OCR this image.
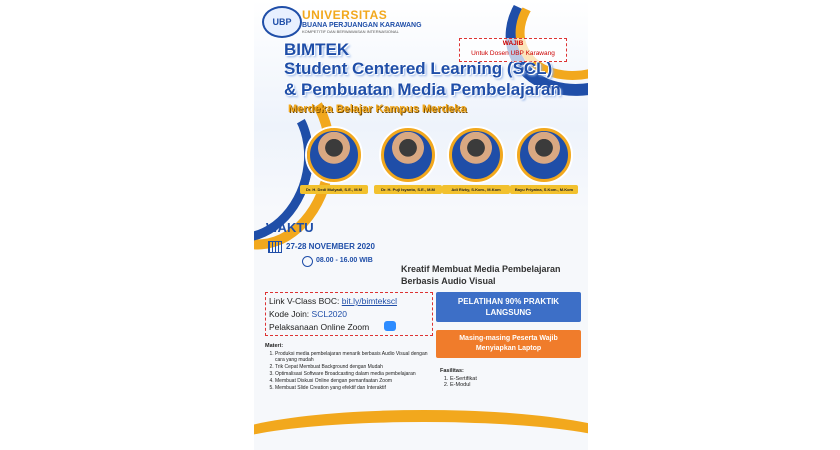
UBP UNIVERSITAS
BUANA PERJUANGAN KARAWANG
KOMPETITIF DAN BERWAWASAN INTERNASIONAL
WAJIB
Untuk Dosen UBP Karawang
BIMTEK
Student Centered Learning (SCL)
& Pembuatan Media Pembelajaran
Merdeka Belajar Kampus Merdeka
Dr. H. Dedi Mulyadi, S.E., M.M	Dr. H. Puji Isyanto, S.E., M.M	Adi Rizky, S.Kom., M.Kom	Bayu Priyatna, S.Kom., M.Kom
WAKTU
27-28 NOVEMBER 2020
08.00 - 16.00 WIB
Kreatif Membuat Media Pembelajaran
Berbasis Audio Visual
Link V-Class BOC: bit.ly/bimtekscl
Kode Join: SCL2020
Pelaksanaan Online Zoom
PELATIHAN 90% PRAKTIK
LANGSUNG
Masing-masing Peserta Wajib
Menyiapkan Laptop
Materi:
1. Produksi media pembelajaran menarik berbasis Audio Visual dengan cara yang mudah
2. Trik Cepat Membuat Background dengan Mudah
3. Optimalisasi Software Broadcasting dalam media pembelajaran
4. Membuat Diskusi Online dengan pemanfaatan Zoom
5. Membuat Slide Creation yang efektif dan Interaktif
Fasilitas:
1. E-Sertifikat
2. E-Modul
